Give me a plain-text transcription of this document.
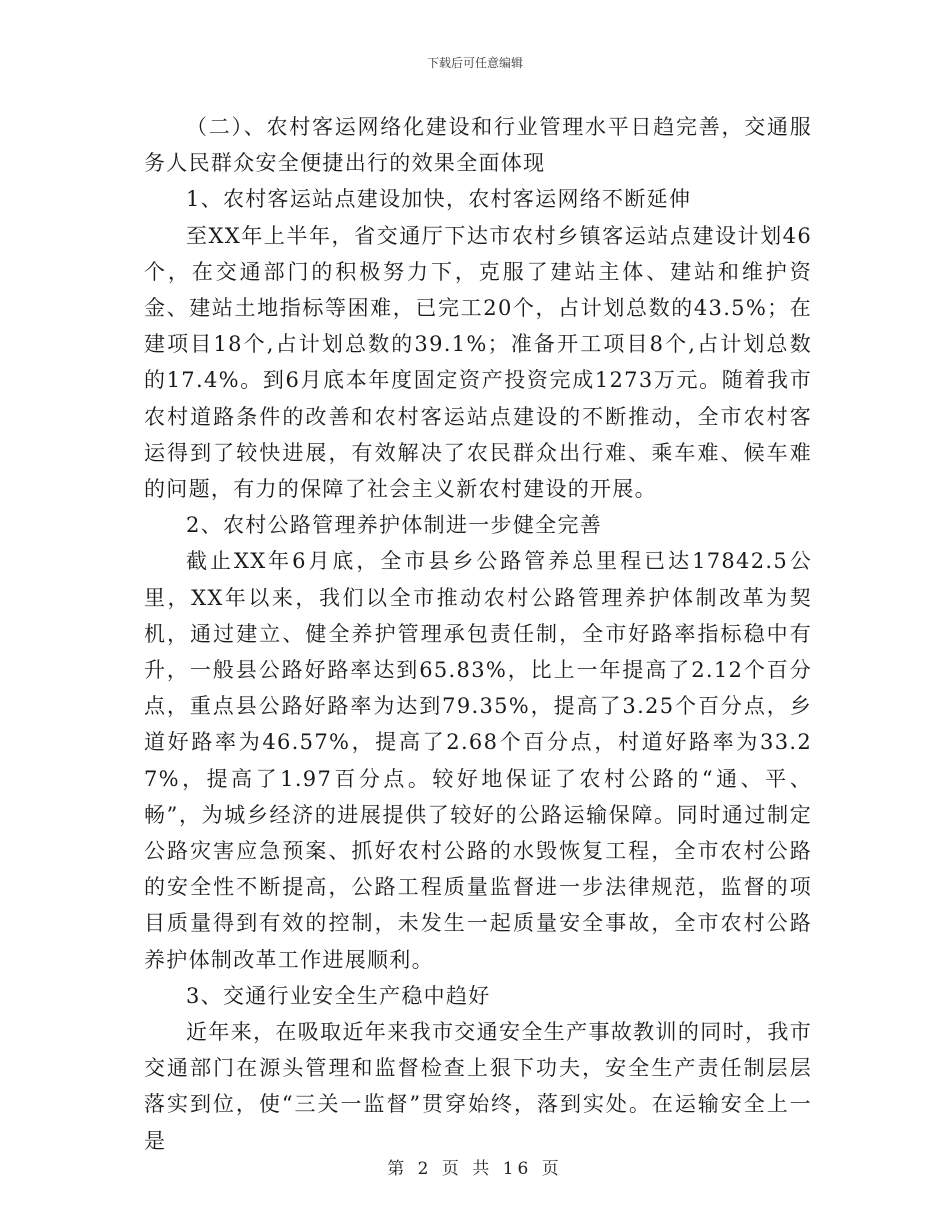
下载后可任意编辑

（二）、农村客运网络化建设和行业管理水平日趋完善，交通服务人民群众安全便捷出行的效果全面体现

1、农村客运站点建设加快，农村客运网络不断延伸

至XX年上半年，省交通厅下达市农村乡镇客运站点建设计划46个，在交通部门的积极努力下，克服了建站主体、建站和维护资金、建站土地指标等困难，已完工20个，占计划总数的43.5%；在建项目18个,占计划总数的39.1%；准备开工项目8个,占计划总数的17.4%。到6月底本年度固定资产投资完成1273万元。随着我市农村道路条件的改善和农村客运站点建设的不断推动，全市农村客运得到了较快进展，有效解决了农民群众出行难、乘车难、候车难的问题，有力的保障了社会主义新农村建设的开展。

2、农村公路管理养护体制进一步健全完善

截止XX年6月底，全市县乡公路管养总里程已达17842.5公里，XX年以来，我们以全市推动农村公路管理养护体制改革为契机，通过建立、健全养护管理承包责任制，全市好路率指标稳中有升，一般县公路好路率达到65.83%，比上一年提高了2.12个百分点，重点县公路好路率为达到79.35%，提高了3.25个百分点，乡道好路率为46.57%，提高了2.68个百分点，村道好路率为33.27%，提高了1.97百分点。较好地保证了农村公路的“通、平、畅”，为城乡经济的进展提供了较好的公路运输保障。同时通过制定公路灾害应急预案、抓好农村公路的水毁恢复工程，全市农村公路的安全性不断提高，公路工程质量监督进一步法律规范，监督的项目质量得到有效的控制，未发生一起质量安全事故，全市农村公路养护体制改革工作进展顺利。

3、交通行业安全生产稳中趋好

近年来，在吸取近年来我市交通安全生产事故教训的同时，我市交通部门在源头管理和监督检查上狠下功夫，安全生产责任制层层落实到位，使“三关一监督”贯穿始终，落到实处。在运输安全上一是

第 2 页 共 16 页
